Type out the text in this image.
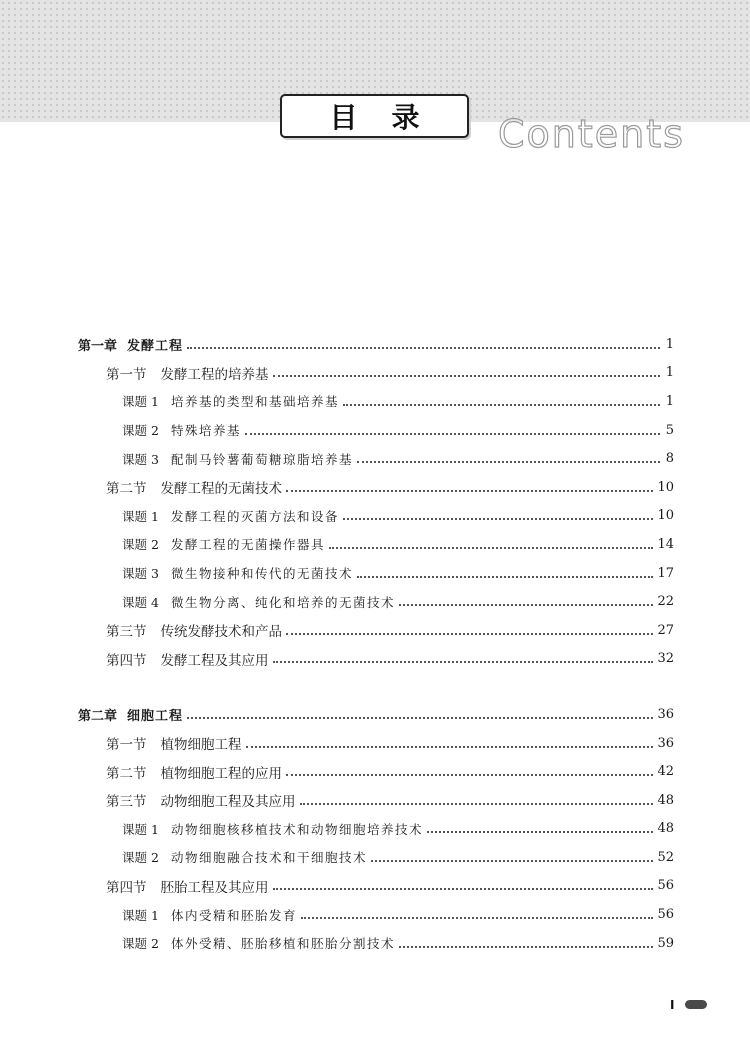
目录 Contents
第一章 发酵工程	1
第一节 发酵工程的培养基	1
课题 1 培养基的类型和基础培养基	1
课题 2 特殊培养基	5
课题 3 配制马铃薯葡萄糖琼脂培养基	8
第二节 发酵工程的无菌技术	10
课题 1 发酵工程的灭菌方法和设备	10
课题 2 发酵工程的无菌操作器具	14
课题 3 微生物接种和传代的无菌技术	17
课题 4 微生物分离、纯化和培养的无菌技术	22
第三节 传统发酵技术和产品	27
第四节 发酵工程及其应用	32
第二章 细胞工程	36
第一节 植物细胞工程	36
第二节 植物细胞工程的应用	42
第三节 动物细胞工程及其应用	48
课题 1 动物细胞核移植技术和动物细胞培养技术	48
课题 2 动物细胞融合技术和干细胞技术	52
第四节 胚胎工程及其应用	56
课题 1 体内受精和胚胎发育	56
课题 2 体外受精、胚胎移植和胚胎分割技术	59
I
